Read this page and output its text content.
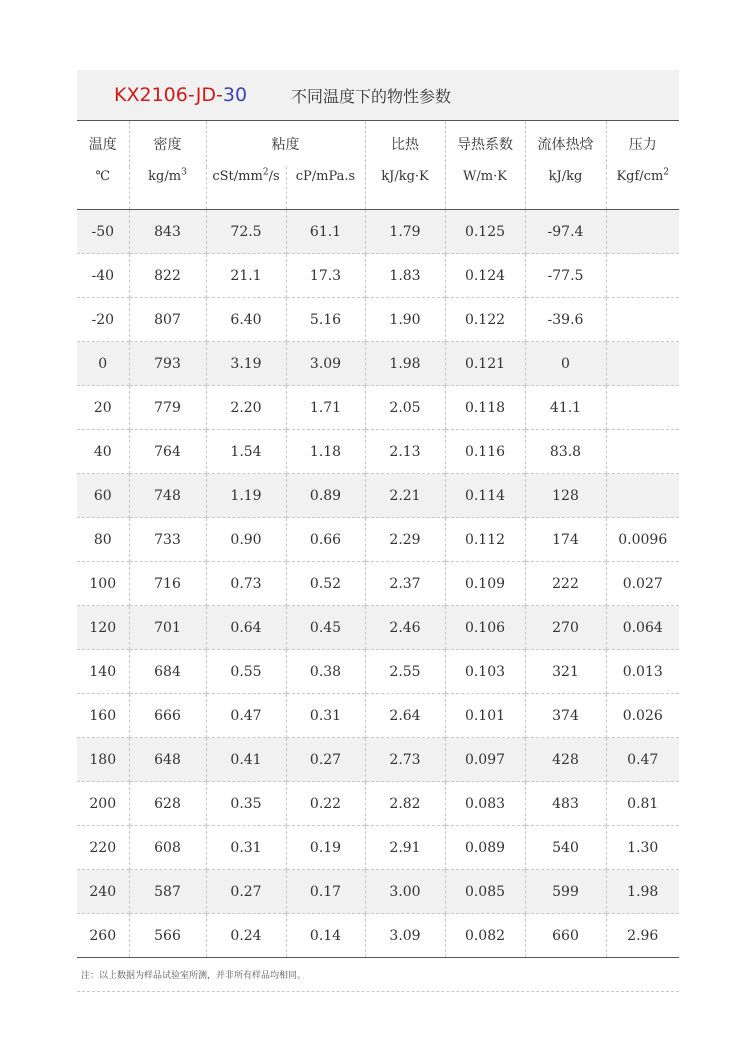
KX2106-JD-30	不同温度下的物性参数
温度	密度	粘度		比热	导热系数	流体热焓	压力
℃	$kg/m^3$	cSt/$mm^2/s$	cP/mPa.s	kJ/kg·K	W/m·K	kJ/kg	Kgf/$cm^2$
-50	843	72.5	61.1	1.79	0.125	-97.4	
-40	822	21.1	17.3	1.83	0.124	-77.5	
-20	807	6.40	5.16	1.90	0.122	-39.6	
0	793	3.19	3.09	1.98	0.121	0	
20	779	2.20	1.71	2.05	0.118	41.1	
40	764	1.54	1.18	2.13	0.116	83.8	
60	748	1.19	0.89	2.21	0.114	128	
80	733	0.90	0.66	2.29	0.112	174	0.0096
100	716	0.73	0.52	2.37	0.109	222	0.027
120	701	0.64	0.45	2.46	0.106	270	0.064
140	684	0.55	0.38	2.55	0.103	321	0.013
160	666	0.47	0.31	2.64	0.101	374	0.026
180	648	0.41	0.27	2.73	0.097	428	0.47
200	628	0.35	0.22	2.82	0.083	483	0.81
220	608	0.31	0.19	2.91	0.089	540	1.30
240	587	0.27	0.17	3.00	0.085	599	1.98
260	566	0.24	0.14	3.09	0.082	660	2.96
注：以上数据为样品试验室所测，并非所有样品均相同。
